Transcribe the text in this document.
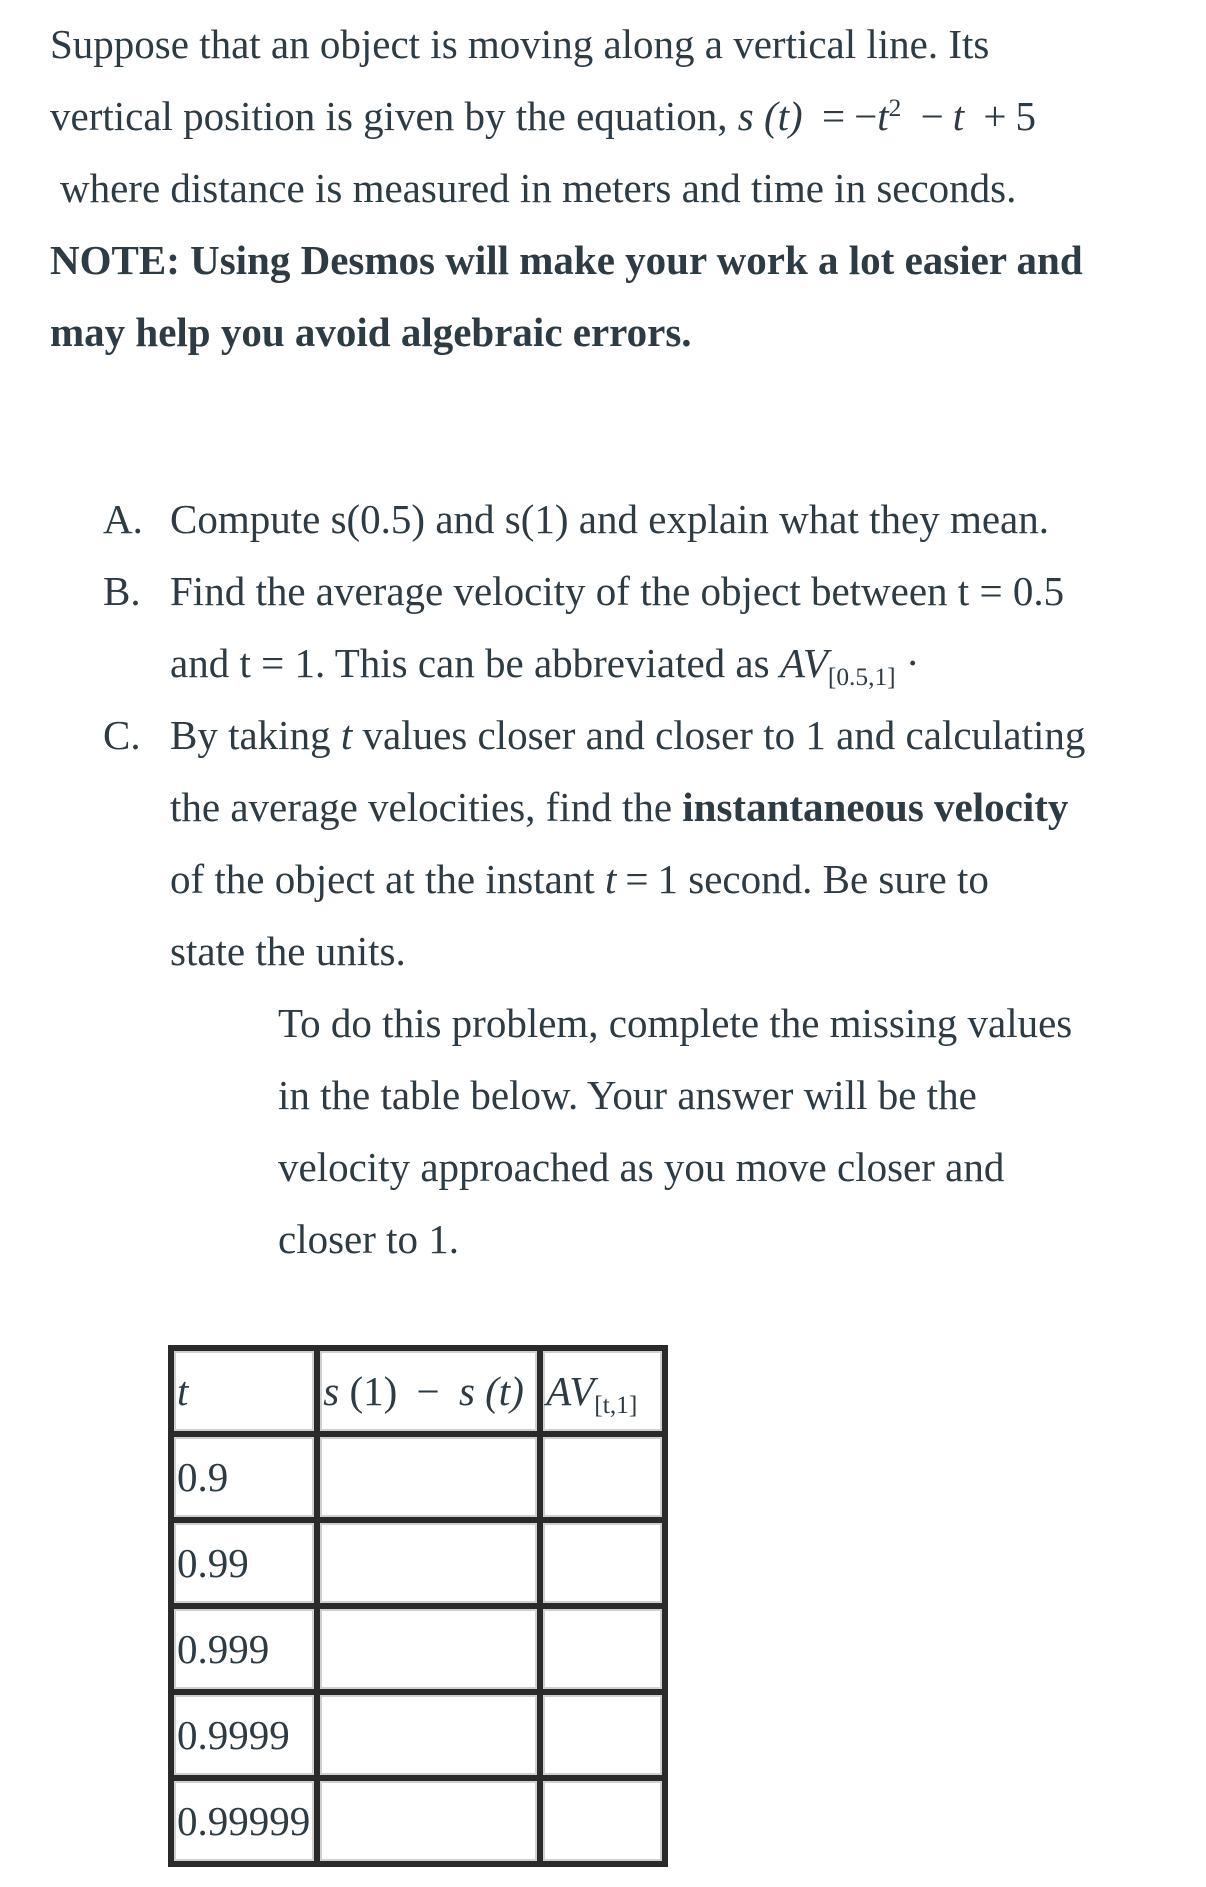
Suppose that an object is moving along a vertical line. Its
vertical position is given by the equation, s $(t) = -t^2 - t + 5$
where distance is measured in meters and time in seconds.
NOTE: Using Desmos will make your work a lot easier and
may help you avoid algebraic errors.
A. Compute s(0.5) and s(1) and explain what they mean.
B. Find the average velocity of the object between t = 0.5
and t = 1. This can be abbreviated as AV[0.5,1] ·
C. By taking t values closer and closer to 1 and calculating
the average velocities, find the instantaneous velocity
of the object at the instant t = 1 second. Be sure to
state the units.
To do this problem, complete the missing values
in the table below. Your answer will be the
velocity approached as you move closer and
closer to 1.
t	s (1) − s (t)	AV[t,1]
0.9		
0.99		
0.999		
0.9999		
0.99999		
